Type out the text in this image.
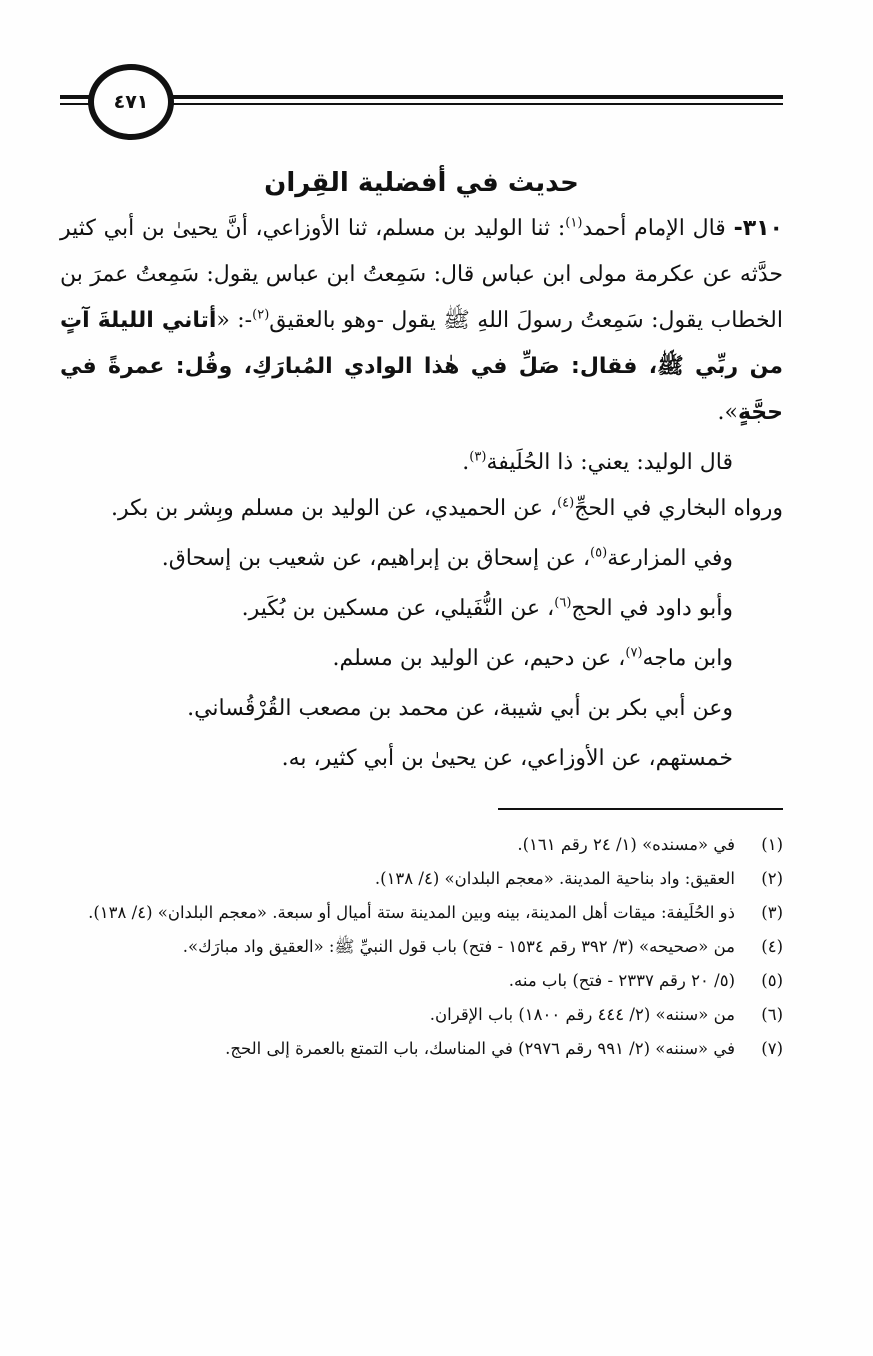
٤٧١
حديث في أفضلية القِران

٣١٠- قال الإمام أحمد$^{(١)}$: ثنا الوليد بن مسلم، ثنا الأوزاعي، أنَّ يحيىٰ بن أبي كثير حدَّثه عن عكرمة مولى ابن عباس قال: سَمِعتُ ابن عباس يقول: سَمِعتُ عمرَ بن الخطاب يقول: سَمِعتُ رسولَ اللهِ ﷺ يقول -وهو بالعقيق$^{(٢)}$-: «أتاني الليلةَ آتٍ من ربِّي ﷺ، فقال: صَلِّ في هٰذا الوادي المُبارَكِ، وقُل: عمرةً في حجَّةٍ».

قال الوليد: يعني: ذا الحُلَيفة$^{(٣)}$.

ورواه البخاري في الحجِّ$^{(٤)}$، عن الحميدي، عن الوليد بن مسلم وبِشر بن بكر.

وفي المزارعة$^{(٥)}$، عن إسحاق بن إبراهيم، عن شعيب بن إسحاق.

وأبو داود في الحج$^{(٦)}$، عن النُّفَيلي، عن مسكين بن بُكَير.

وابن ماجه$^{(٧)}$، عن دحيم، عن الوليد بن مسلم.

وعن أبي بكر بن أبي شيبة، عن محمد بن مصعب القُرْقُساني.

خمستهم، عن الأوزاعي، عن يحيىٰ بن أبي كثير، به.

(١)
في «مسنده» (١/ ٢٤ رقم ١٦١).
(٢)
العقيق: واد بناحية المدينة. «معجم البلدان» (٤/ ١٣٨).
(٣)
ذو الحُلَيفة: ميقات أهل المدينة، بينه وبين المدينة ستة أميال أو سبعة. «معجم البلدان» (٤/ ١٣٨).
(٤)
من «صحيحه» (٣/ ٣٩٢ رقم ١٥٣٤ - فتح) باب قول النبيِّ ﷺ: «العقيق واد مبارَك».
(٥)
(٥/ ٢٠ رقم ٢٣٣٧ - فتح) باب منه.
(٦)
من «سننه» (٢/ ٤٤٤ رقم ١٨٠٠) باب الإقران.
(٧)
في «سننه» (٢/ ٩٩١ رقم ٢٩٧٦) في المناسك، باب التمتع بالعمرة إلى الحج.
